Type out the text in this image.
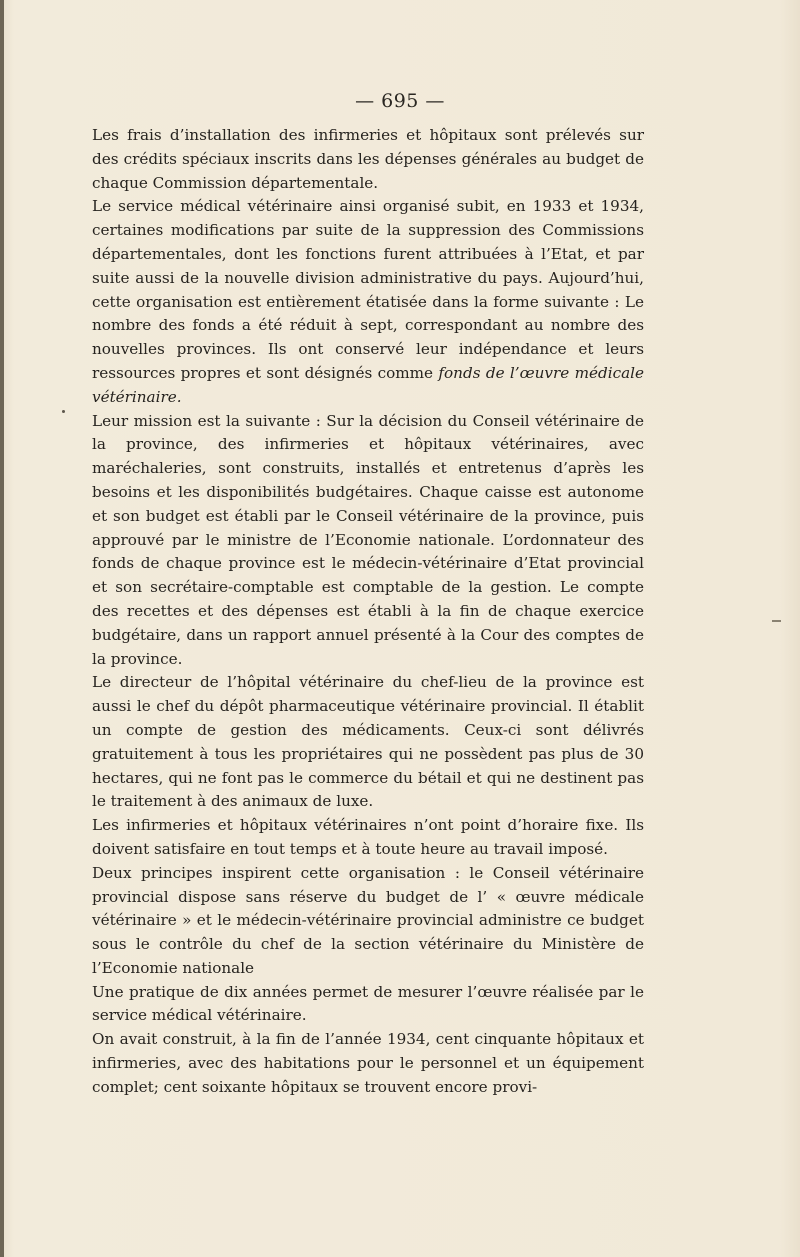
— 695 —

Les frais d’installation des infirmeries et hôpitaux sont prélevés sur des crédits spéciaux inscrits dans les dépenses générales au budget de chaque Commission départementale.

Le service médical vétérinaire ainsi organisé subit, en 1933 et 1934, certaines modifications par suite de la suppression des Commissions départementales, dont les fonctions furent attribuées à l’Etat, et par suite aussi de la nouvelle division administrative du pays. Aujourd’hui, cette organisation est entièrement étatisée dans la forme suivante : Le nombre des fonds a été réduit à sept, correspondant au nombre des nouvelles provinces. Ils ont conservé leur indépendance et leurs ressources propres et sont désignés comme fonds de l’œuvre médicale vétérinaire.

Leur mission est la suivante : Sur la décision du Conseil vétérinaire de la province, des infirmeries et hôpitaux vétérinaires, avec maréchaleries, sont construits, installés et entretenus d’après les besoins et les disponibilités budgétaires. Chaque caisse est autonome et son budget est établi par le Conseil vétérinaire de la province, puis approuvé par le ministre de l’Economie nationale. L’ordonnateur des fonds de chaque province est le médecin-vétérinaire d’Etat provincial et son secrétaire-comptable est comptable de la gestion. Le compte des recettes et des dépenses est établi à la fin de chaque exercice budgétaire, dans un rapport annuel présenté à la Cour des comptes de la province.

Le directeur de l’hôpital vétérinaire du chef-lieu de la province est aussi le chef du dépôt pharmaceutique vétérinaire provincial. Il établit un compte de gestion des médicaments. Ceux-ci sont délivrés gratuitement à tous les propriétaires qui ne possèdent pas plus de 30 hectares, qui ne font pas le commerce du bétail et qui ne destinent pas le traitement à des animaux de luxe.

Les infirmeries et hôpitaux vétérinaires n’ont point d’horaire fixe. Ils doivent satisfaire en tout temps et à toute heure au travail imposé.

Deux principes inspirent cette organisation : le Conseil vétérinaire provincial dispose sans réserve du budget de l’ « œuvre médicale vétérinaire » et le médecin-vétérinaire provincial administre ce budget sous le contrôle du chef de la section vétérinaire du Ministère de l’Economie nationale

Une pratique de dix années permet de mesurer l’œuvre réalisée par le service médical vétérinaire.

On avait construit, à la fin de l’année 1934, cent cinquante hôpitaux et infirmeries, avec des habitations pour le personnel et un équipement complet; cent soixante hôpitaux se trouvent encore provi-
